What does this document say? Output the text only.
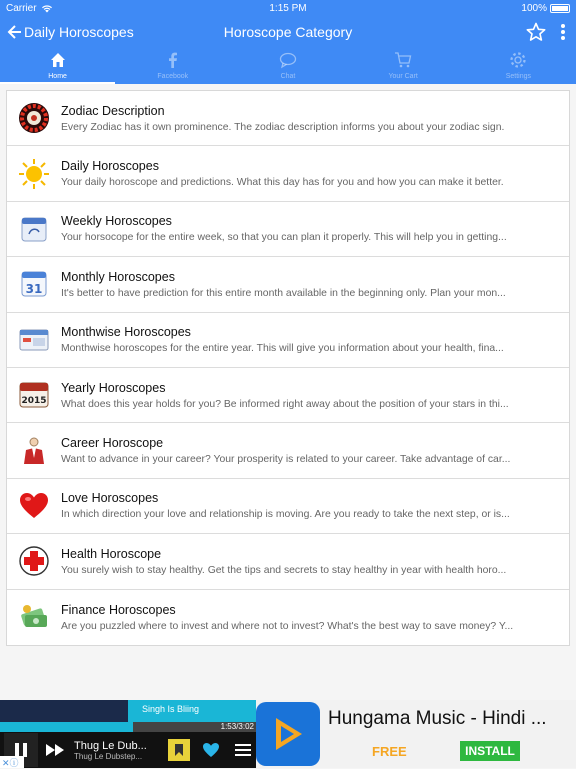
Carrier	1:15 PM	100%
Daily Horoscopes	Horoscope Category
Home	Facebook	Chat	Your Cart	Settings
Zodiac Description
Every Zodiac has it own prominence. The zodiac description informs you about your zodiac sign.
Daily Horoscopes
Your daily horoscope and predictions. What this day has for you and how you can make it better.
Weekly Horoscopes
Your horsocope for the entire week, so that you can plan it properly. This will help you in getting...
31
Monthly Horoscopes
It's better to have prediction for this entire month available in the beginning only. Plan your mon...
Monthwise Horoscopes
Monthwise horoscopes for the entire year. This will give you information about your health, fina...
2015
Yearly Horoscopes
What does this year holds for you? Be informed right away about the position of your stars in thi...
Career Horoscope
Want to advance in your career? Your prosperity is related to your career. Take advantage of car...
Love Horoscopes
In which direction your love and relationship is moving. Are you ready to take the next step, or is...
Health Horoscope
You surely wish to stay healthy. Get the tips and secrets to stay healthy in year with health horo...
Finance Horoscopes
Are you puzzled where to invest and where not to invest? What's the best way to save money? Y...
Singh Is Bliing
1:53/3:02
Thug Le Dub...
Thug Le Dubstep...
Hungama Music - Hindi ...
FREE	INSTALL
✕ⓘ
